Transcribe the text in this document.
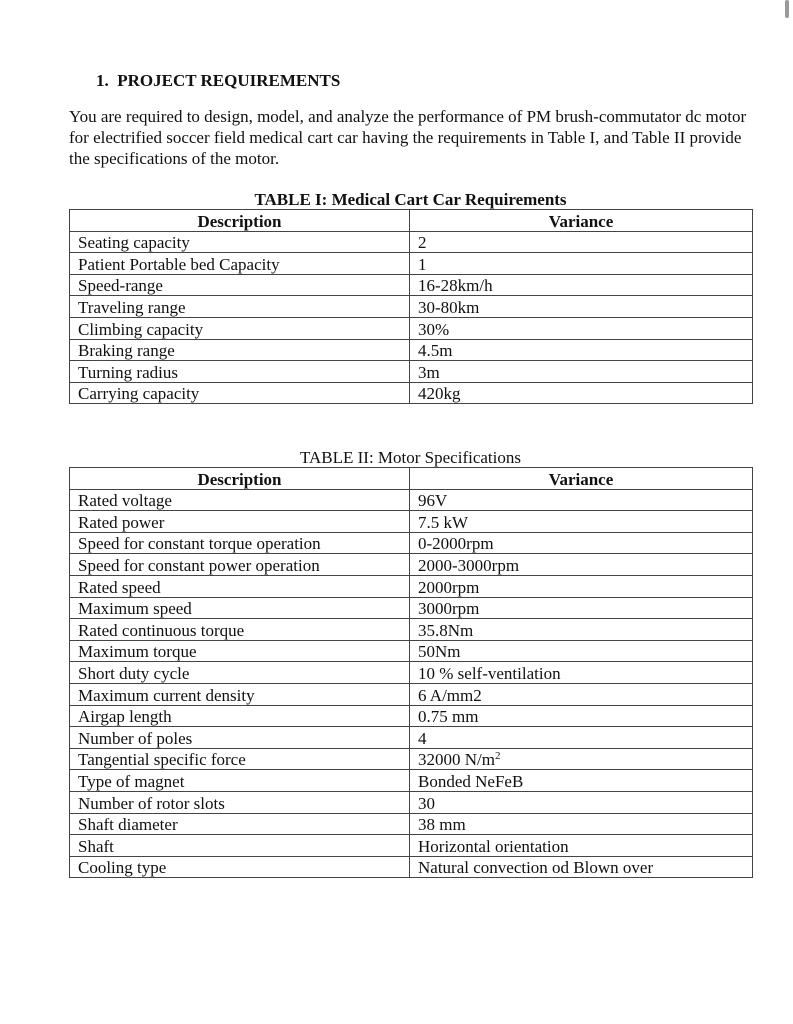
1.  PROJECT REQUIREMENTS
You are required to design, model, and analyze the performance of PM brush-commutator dc motor for electrified soccer field medical cart car having the requirements in Table I, and Table II provide the specifications of the motor.
TABLE I: Medical Cart Car Requirements
Description	Variance
Seating capacity	2
Patient Portable bed Capacity	1
Speed-range	16-28km/h
Traveling range	30-80km
Climbing capacity	30%
Braking range	4.5m
Turning radius	3m
Carrying capacity	420kg
TABLE II: Motor Specifications
Description	Variance
Rated voltage	96V
Rated power	7.5 kW
Speed for constant torque operation	0-2000rpm
Speed for constant power operation	2000-3000rpm
Rated speed	2000rpm
Maximum speed	3000rpm
Rated continuous torque	35.8Nm
Maximum torque	50Nm
Short duty cycle	10 % self-ventilation
Maximum current density	6 A/mm2
Airgap length	0.75 mm
Number of poles	4
Tangential specific force	32000 $N/m^2$
Type of magnet	Bonded NeFeB
Number of rotor slots	30
Shaft diameter	38 mm
Shaft	Horizontal orientation
Cooling type	Natural convection od Blown over
